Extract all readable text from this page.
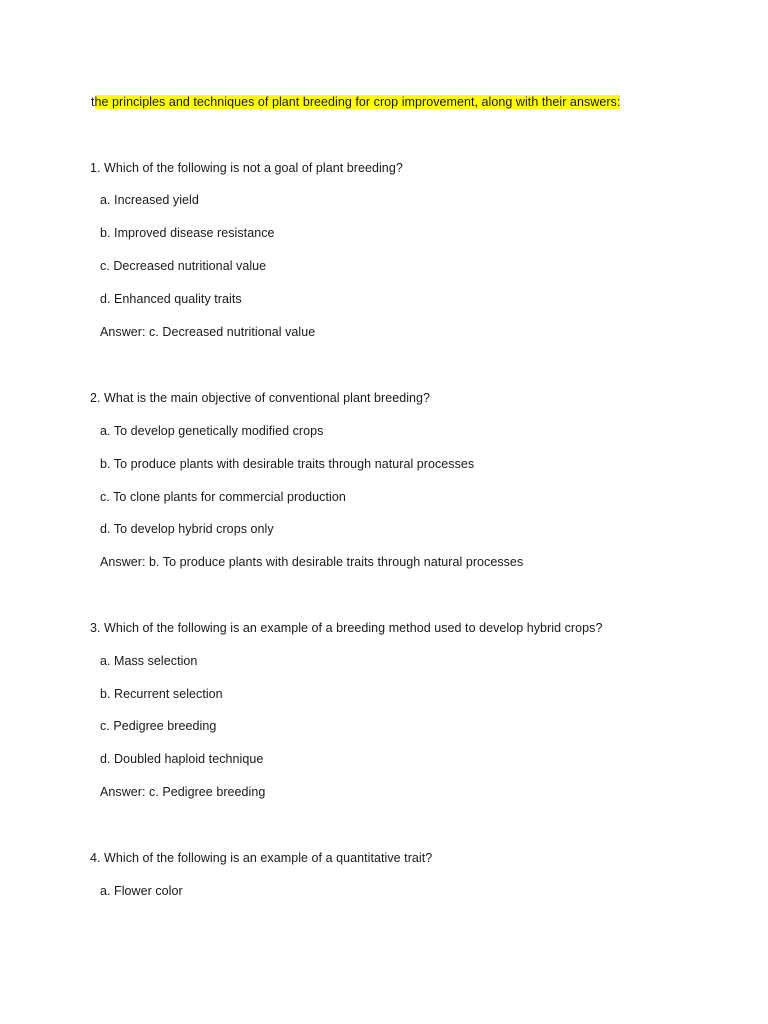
the principles and techniques of plant breeding for crop improvement, along with their answers:
1. Which of the following is not a goal of plant breeding?
a. Increased yield
b. Improved disease resistance
c. Decreased nutritional value
d. Enhanced quality traits
Answer: c. Decreased nutritional value
2. What is the main objective of conventional plant breeding?
a. To develop genetically modified crops
b. To produce plants with desirable traits through natural processes
c. To clone plants for commercial production
d. To develop hybrid crops only
Answer: b. To produce plants with desirable traits through natural processes
3. Which of the following is an example of a breeding method used to develop hybrid crops?
a. Mass selection
b. Recurrent selection
c. Pedigree breeding
d. Doubled haploid technique
Answer: c. Pedigree breeding
4. Which of the following is an example of a quantitative trait?
a. Flower color
